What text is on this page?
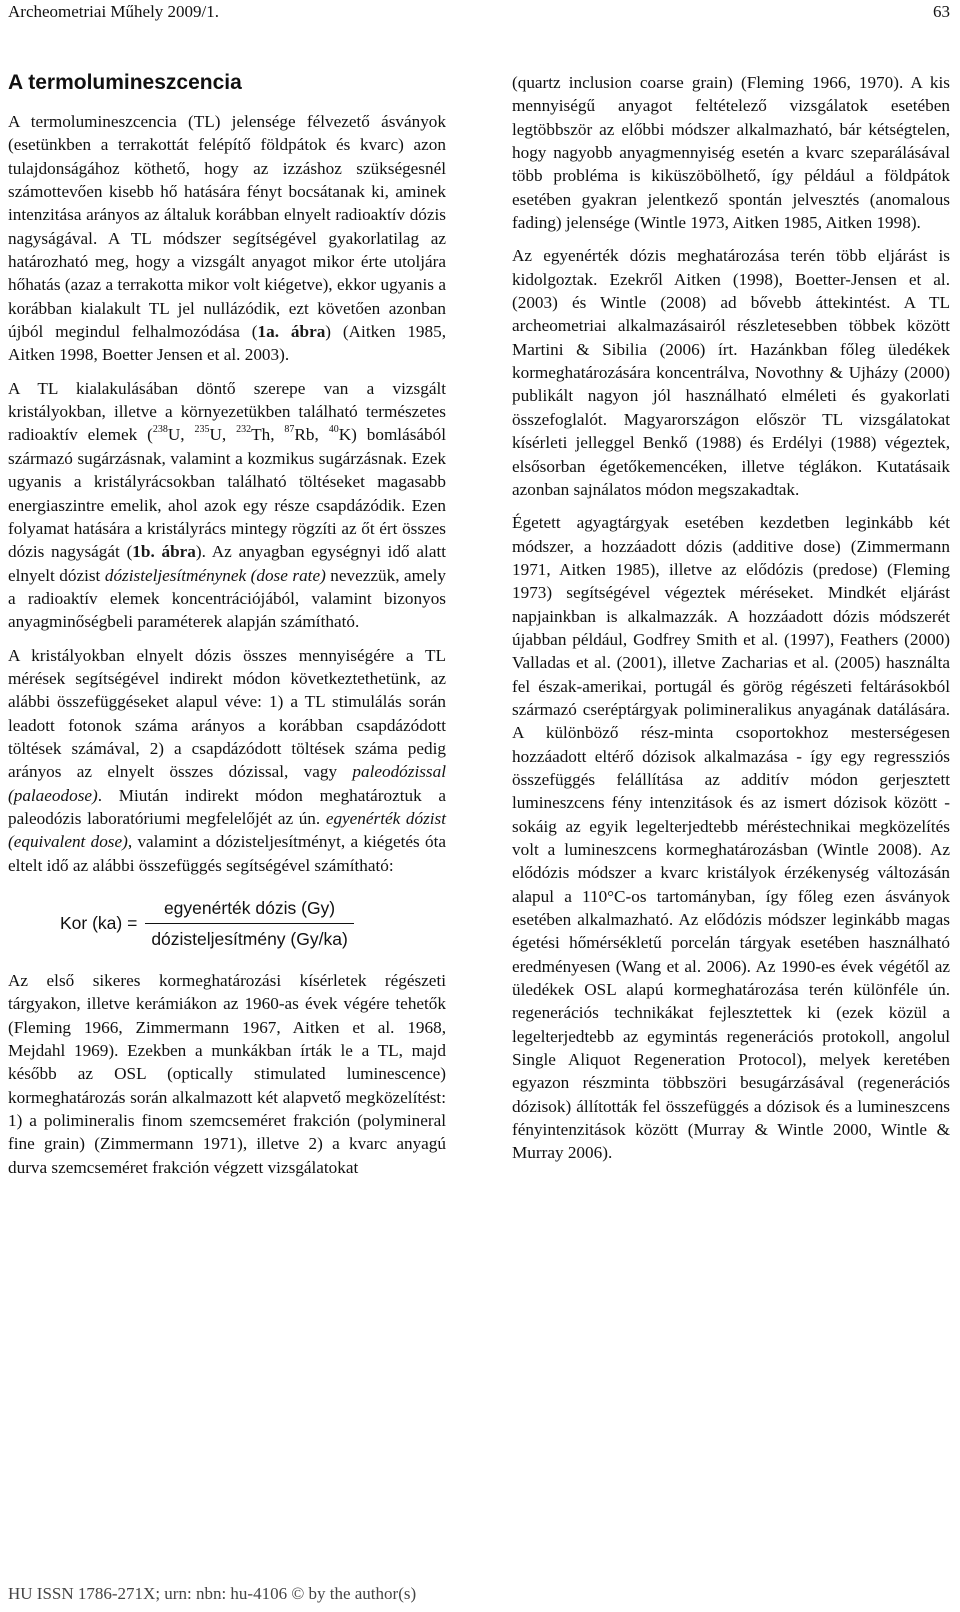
Archeometriai Műhely 2009/1.	63
A termolumineszcencia

A termolumineszcencia (TL) jelensége félvezető ásványok (esetünkben a terrakottát felépítő földpátok és kvarc) azon tulajdonságához köthető, hogy az izzáshoz szükségesnél számottevően kisebb hő hatására fényt bocsátanak ki, aminek intenzitása arányos az általuk korábban elnyelt radioaktív dózis nagyságával. A TL módszer segítségével gyakorlatilag az határozható meg, hogy a vizsgált anyagot mikor érte utoljára hőhatás (azaz a terrakotta mikor volt kiégetve), ekkor ugyanis a korábban kialakult TL jel nullázódik, ezt követően azonban újból megindul felhalmozódása (1a. ábra) (Aitken 1985, Aitken 1998, Boetter Jensen et al. 2003).

A TL kialakulásában döntő szerepe van a vizsgált kristályokban, illetve a környezetükben található természetes radioaktív elemek ($^{238}$U, $^{235}$U, $^{232}$Th, $^{87}$Rb, $^{40}$K) bomlásából származó sugárzásnak, valamint a kozmikus sugárzásnak. Ezek ugyanis a kristályrácsokban található töltéseket magasabb energiaszintre emelik, ahol azok egy része csapdázódik. Ezen folyamat hatására a kristályrács mintegy rögzíti az őt ért összes dózis nagyságát (1b. ábra). Az anyagban egységnyi idő alatt elnyelt dózist dózisteljesítménynek (dose rate) nevezzük, amely a radioaktív elemek koncentrációjából, valamint bizonyos anyagminőségbeli paraméterek alapján számítható.

A kristályokban elnyelt dózis összes mennyiségére a TL mérések segítségével indirekt módon következtethetünk, az alábbi összefüggéseket alapul véve: 1) a TL stimulálás során leadott fotonok száma arányos a korábban csapdázódott töltések számával, 2) a csapdázódott töltések száma pedig arányos az elnyelt összes dózissal, vagy paleodózissal (palaeodose). Miután indirekt módon meghatároztuk a paleodózis laboratóriumi megfelelőjét az ún. egyenérték dózist (equivalent dose), valamint a dózisteljesítményt, a kiégetés óta eltelt idő az alábbi összefüggés segítségével számítható:

Kor $(ka) = \frac{\text{egyenérték dózis (Gy)}}{\text{dózisteljesítmény (Gy/ka)}}$

Az első sikeres kormeghatározási kísérletek régészeti tárgyakon, illetve kerámiákon az 1960-as évek végére tehetők (Fleming 1966, Zimmermann 1967, Aitken et al. 1968, Mejdahl 1969). Ezekben a munkákban írták le a TL, majd később az OSL (optically stimulated luminescence) kormeghatározás során alkalmazott két alapvető megközelítést: 1) a polimineralis finom szemcseméret frakción (polymineral fine grain) (Zimmermann 1971), illetve 2) a kvarc anyagú durva szemcseméret frakción végzett vizsgálatokat

(quartz inclusion coarse grain) (Fleming 1966, 1970). A kis mennyiségű anyagot feltételező vizsgálatok esetében legtöbbször az előbbi módszer alkalmazható, bár kétségtelen, hogy nagyobb anyagmennyiség esetén a kvarc szeparálásával több probléma is kiküszöbölhető, így például a földpátok esetében gyakran jelentkező spontán jelvesztés (anomalous fading) jelensége (Wintle 1973, Aitken 1985, Aitken 1998).

Az egyenérték dózis meghatározása terén több eljárást is kidolgoztak. Ezekről Aitken (1998), Boetter-Jensen et al. (2003) és Wintle (2008) ad bővebb áttekintést. A TL archeometriai alkalmazásairól részletesebben többek között Martini & Sibilia (2006) írt. Hazánkban főleg üledékek kormeghatározására koncentrálva, Novothny & Ujházy (2000) publikált nagyon jól használható elméleti és gyakorlati összefoglalót. Magyarországon először TL vizsgálatokat kísérleti jelleggel Benkő (1988) és Erdélyi (1988) végeztek, elsősorban égetőkemencéken, illetve téglákon. Kutatásaik azonban sajnálatos módon megszakadtak.

Égetett agyagtárgyak esetében kezdetben leginkább két módszer, a hozzáadott dózis (additive dose) (Zimmermann 1971, Aitken 1985), illetve az elődózis (predose) (Fleming 1973) segítségével végeztek méréseket. Mindkét eljárást napjainkban is alkalmazzák. A hozzáadott dózis módszerét újabban például, Godfrey Smith et al. (1997), Feathers (2000) Valladas et al. (2001), illetve Zacharias et al. (2005) használta fel észak-amerikai, portugál és görög régészeti feltárásokból származó cseréptárgyak polimineralikus anyagának datálására. A különböző rész-minta csoportokhoz mesterségesen hozzáadott eltérő dózisok alkalmazása - így egy regressziós összefüggés felállítása az additív módon gerjesztett lumineszcens fény intenzitások és az ismert dózisok között - sokáig az egyik legelterjedtebb méréstechnikai megközelítés volt a lumineszcens kormeghatározásban (Wintle 2008). Az elődózis módszer a kvarc kristályok érzékenység változásán alapul a 110°C-os tartományban, így főleg ezen ásványok esetében alkalmazható. Az elődózis módszer leginkább magas égetési hőmérsékletű porcelán tárgyak esetében használható eredményesen (Wang et al. 2006). Az 1990-es évek végétől az üledékek OSL alapú kormeghatározása terén különféle ún. regenerációs technikákat fejlesztettek ki (ezek közül a legelterjedtebb az egymintás regenerációs protokoll, angolul Single Aliquot Regeneration Protocol), melyek keretében egyazon részminta többszöri besugárzásával (regenerációs dózisok) állították fel összefüggés a dózisok és a lumineszcens fényintenzitások között (Murray & Wintle 2000, Wintle & Murray 2006).

HU ISSN 1786-271X; urn: nbn: hu-4106 © by the author(s)
